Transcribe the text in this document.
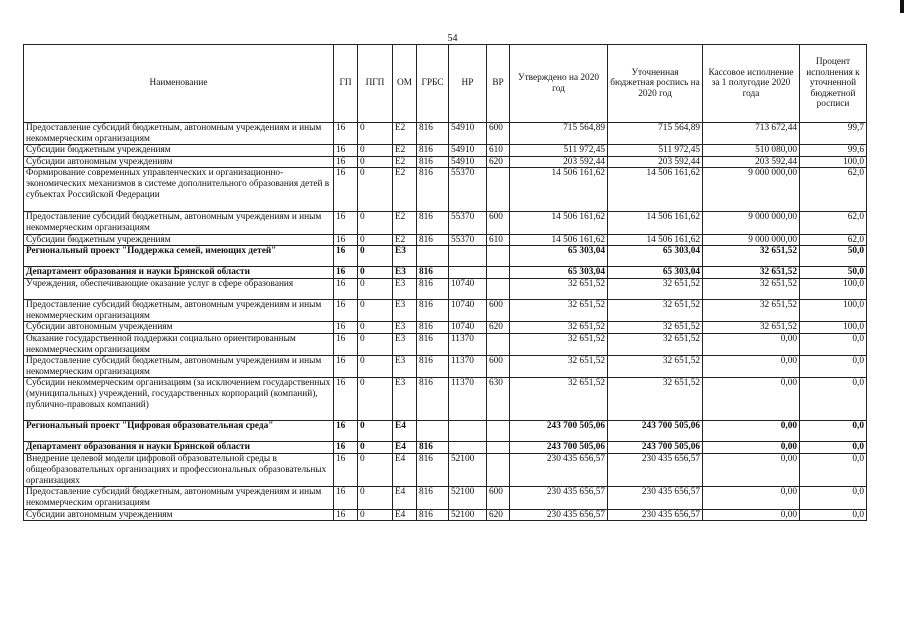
54
Наименование	ГП	ПГП	ОМ	ГРБС	НР	ВР	Утверждено на 2020 год	Уточненная бюджетная роспись на 2020 год	Кассовое исполнение за 1 полугодие 2020 года	Процент исполнения к уточненной бюджетной росписи
Предоставление субсидий бюджетным, автономным учреждениям и иным некоммерческим организациям	16	0	Е2	816	54910	600	715 564,89	715 564,89	713 672,44	99,7
Субсидии бюджетным учреждениям	16	0	Е2	816	54910	610	511 972,45	511 972,45	510 080,00	99,6
Субсидии автономным учреждениям	16	0	Е2	816	54910	620	203 592,44	203 592,44	203 592,44	100,0
Формирование современных управленческих и организационно-экономических механизмов в системе дополнительного образования детей в субъектах Российской Федерации	16	0	Е2	816	55370		14 506 161,62	14 506 161,62	9 000 000,00	62,0
Предоставление субсидий бюджетным, автономным учреждениям и иным некоммерческим организациям	16	0	Е2	816	55370	600	14 506 161,62	14 506 161,62	9 000 000,00	62,0
Субсидии бюджетным учреждениям	16	0	Е2	816	55370	610	14 506 161,62	14 506 161,62	9 000 000,00	62,0
Региональный проект "Поддержка семей, имеющих детей"	16	0	Е3				65 303,04	65 303,04	32 651,52	50,0
Департамент образования и науки Брянской области	16	0	Е3	816			65 303,04	65 303,04	32 651,52	50,0
Учреждения, обеспечивающие оказание услуг в сфере образования	16	0	Е3	816	10740		32 651,52	32 651,52	32 651,52	100,0
Предоставление субсидий бюджетным, автономным учреждениям и иным некоммерческим организациям	16	0	Е3	816	10740	600	32 651,52	32 651,52	32 651,52	100,0
Субсидии автономным учреждениям	16	0	Е3	816	10740	620	32 651,52	32 651,52	32 651,52	100,0
Оказание государственной поддержки социально ориентированным некоммерческим организациям	16	0	Е3	816	11370		32 651,52	32 651,52	0,00	0,0
Предоставление субсидий бюджетным, автономным учреждениям и иным некоммерческим организациям	16	0	Е3	816	11370	600	32 651,52	32 651,52	0,00	0,0
Субсидии некоммерческим организациям (за исключением государственных (муниципальных) учреждений, государственных корпораций (компаний), публично-правовых компаний)	16	0	Е3	816	11370	630	32 651,52	32 651,52	0,00	0,0
Региональный проект "Цифровая образовательная среда"	16	0	Е4				243 700 505,06	243 700 505,06	0,00	0,0
Департамент образования и науки Брянской области	16	0	Е4	816			243 700 505,06	243 700 505,06	0,00	0,0
Внедрение целевой модели цифровой образовательной среды в общеобразовательных организациях и профессиональных образовательных организациях	16	0	Е4	816	52100		230 435 656,57	230 435 656,57	0,00	0,0
Предоставление субсидий бюджетным, автономным учреждениям и иным некоммерческим организациям	16	0	Е4	816	52100	600	230 435 656,57	230 435 656,57	0,00	0,0
Субсидии автономным учреждениям	16	0	Е4	816	52100	620	230 435 656,57	230 435 656,57	0,00	0,0
